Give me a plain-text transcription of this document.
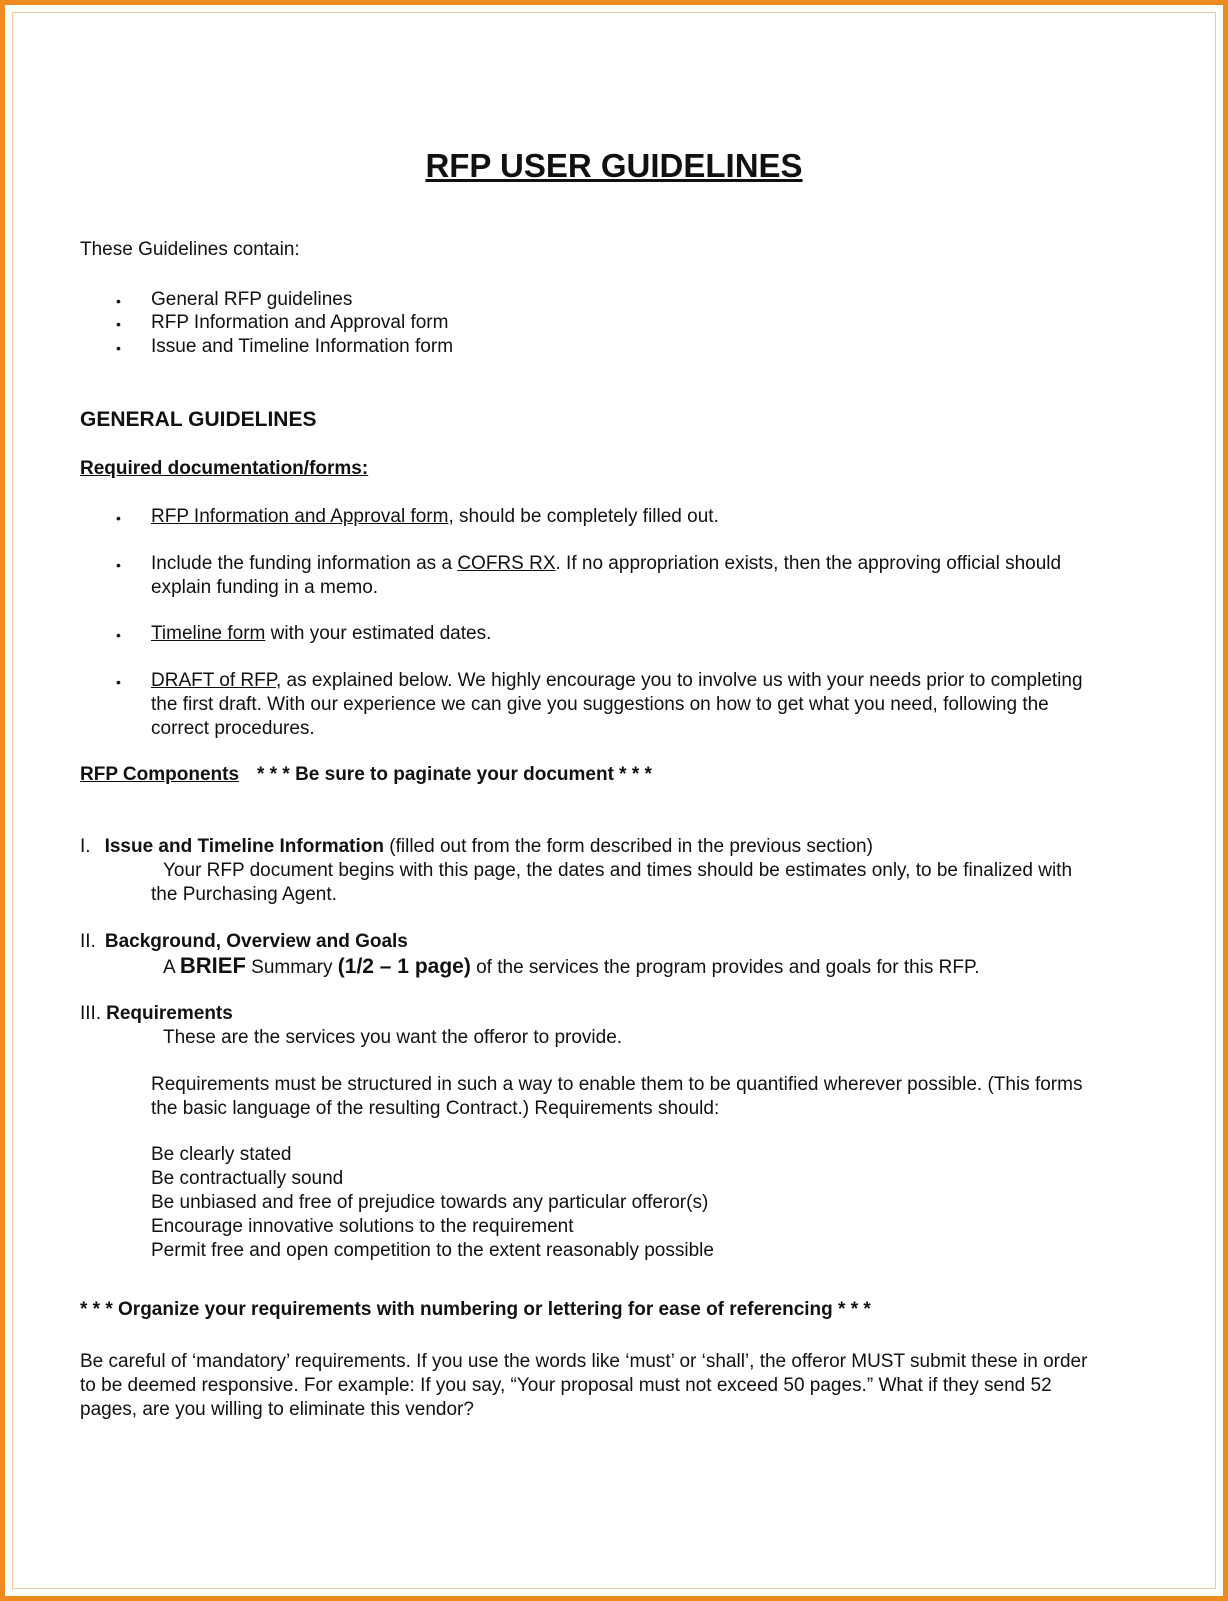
RFP USER GUIDELINES
These Guidelines contain:
• General RFP guidelines
• RFP Information and Approval form
• Issue and Timeline Information form
GENERAL GUIDELINES
Required documentation/forms:
• RFP Information and Approval form, should be completely filled out.
• Include the funding information as a COFRS RX. If no appropriation exists, then the approving official should
explain funding in a memo.
• Timeline form with your estimated dates.
• DRAFT of RFP, as explained below. We highly encourage you to involve us with your needs prior to completing
the first draft. With our experience we can give you suggestions on how to get what you need, following the
correct procedures.
RFP Components * * * Be sure to paginate your document * * *
I. Issue and Timeline Information (filled out from the form described in the previous section)
Your RFP document begins with this page, the dates and times should be estimates only, to be finalized with
the Purchasing Agent.
II. Background, Overview and Goals
A BRIEF Summary (1/2 – 1 page) of the services the program provides and goals for this RFP.
III. Requirements
These are the services you want the offeror to provide.
Requirements must be structured in such a way to enable them to be quantified wherever possible. (This forms
the basic language of the resulting Contract.) Requirements should:
Be clearly stated
Be contractually sound
Be unbiased and free of prejudice towards any particular offeror(s)
Encourage innovative solutions to the requirement
Permit free and open competition to the extent reasonably possible
* * * Organize your requirements with numbering or lettering for ease of referencing * * *
Be careful of ‘mandatory’ requirements. If you use the words like ‘must’ or ‘shall’, the offeror MUST submit these in order
to be deemed responsive. For example: If you say, “Your proposal must not exceed 50 pages.” What if they send 52
pages, are you willing to eliminate this vendor?
